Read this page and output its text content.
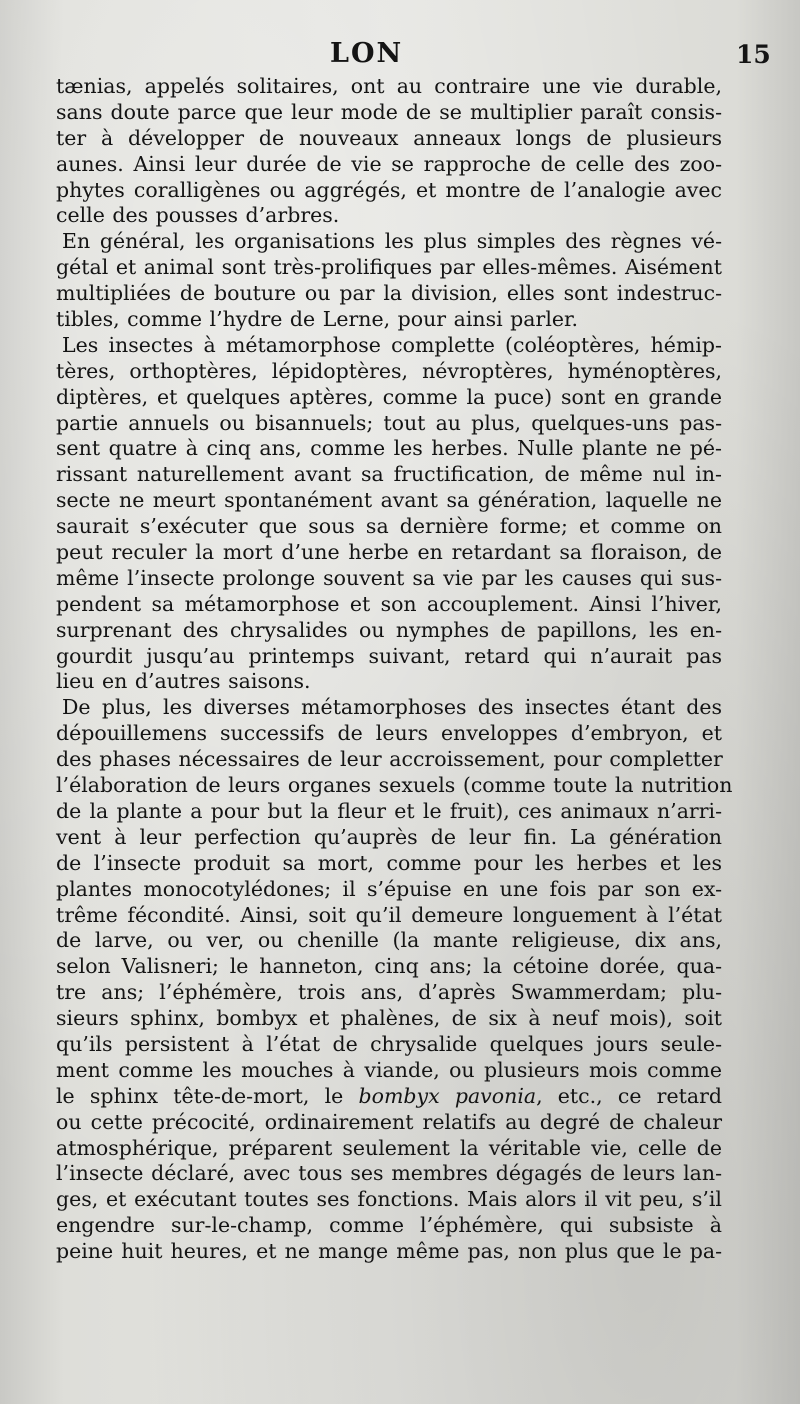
LON	15
tænias, appelés solitaires, ont au contraire une vie durable,
sans doute parce que leur mode de se multiplier paraît consis-
ter à développer de nouveaux anneaux longs de plusieurs
aunes. Ainsi leur durée de vie se rapproche de celle des zoo-
phytes coralligènes ou aggrégés, et montre de l’analogie avec
celle des pousses d’arbres.
En général, les organisations les plus simples des règnes vé-
gétal et animal sont très-prolifiques par elles-mêmes. Aisément
multipliées de bouture ou par la division, elles sont indestruc-
tibles, comme l’hydre de Lerne, pour ainsi parler.
Les insectes à métamorphose complette (coléoptères, hémip-
tères, orthoptères, lépidoptères, névroptères, hyménoptères,
diptères, et quelques aptères, comme la puce) sont en grande
partie annuels ou bisannuels; tout au plus, quelques-uns pas-
sent quatre à cinq ans, comme les herbes. Nulle plante ne pé-
rissant naturellement avant sa fructification, de même nul in-
secte ne meurt spontanément avant sa génération, laquelle ne
saurait s’exécuter que sous sa dernière forme; et comme on
peut reculer la mort d’une herbe en retardant sa floraison, de
même l’insecte prolonge souvent sa vie par les causes qui sus-
pendent sa métamorphose et son accouplement. Ainsi l’hiver,
surprenant des chrysalides ou nymphes de papillons, les en-
gourdit jusqu’au printemps suivant, retard qui n’aurait pas
lieu en d’autres saisons.
De plus, les diverses métamorphoses des insectes étant des
dépouillemens successifs de leurs enveloppes d’embryon, et
des phases nécessaires de leur accroissement, pour completter
l’élaboration de leurs organes sexuels (comme toute la nutrition
de la plante a pour but la fleur et le fruit), ces animaux n’arri-
vent à leur perfection qu’auprès de leur fin. La génération
de l’insecte produit sa mort, comme pour les herbes et les
plantes monocotylédones; il s’épuise en une fois par son ex-
trême fécondité. Ainsi, soit qu’il demeure longuement à l’état
de larve, ou ver, ou chenille (la mante religieuse, dix ans,
selon Valisneri; le hanneton, cinq ans; la cétoine dorée, qua-
tre ans; l’éphémère, trois ans, d’après Swammerdam; plu-
sieurs sphinx, bombyx et phalènes, de six à neuf mois), soit
qu’ils persistent à l’état de chrysalide quelques jours seule-
ment comme les mouches à viande, ou plusieurs mois comme
le sphinx tête-de-mort, le bombyx pavonia, etc., ce retard
ou cette précocité, ordinairement relatifs au degré de chaleur
atmosphérique, préparent seulement la véritable vie, celle de
l’insecte déclaré, avec tous ses membres dégagés de leurs lan-
ges, et exécutant toutes ses fonctions. Mais alors il vit peu, s’il
engendre sur-le-champ, comme l’éphémère, qui subsiste à
peine huit heures, et ne mange même pas, non plus que le pa-
